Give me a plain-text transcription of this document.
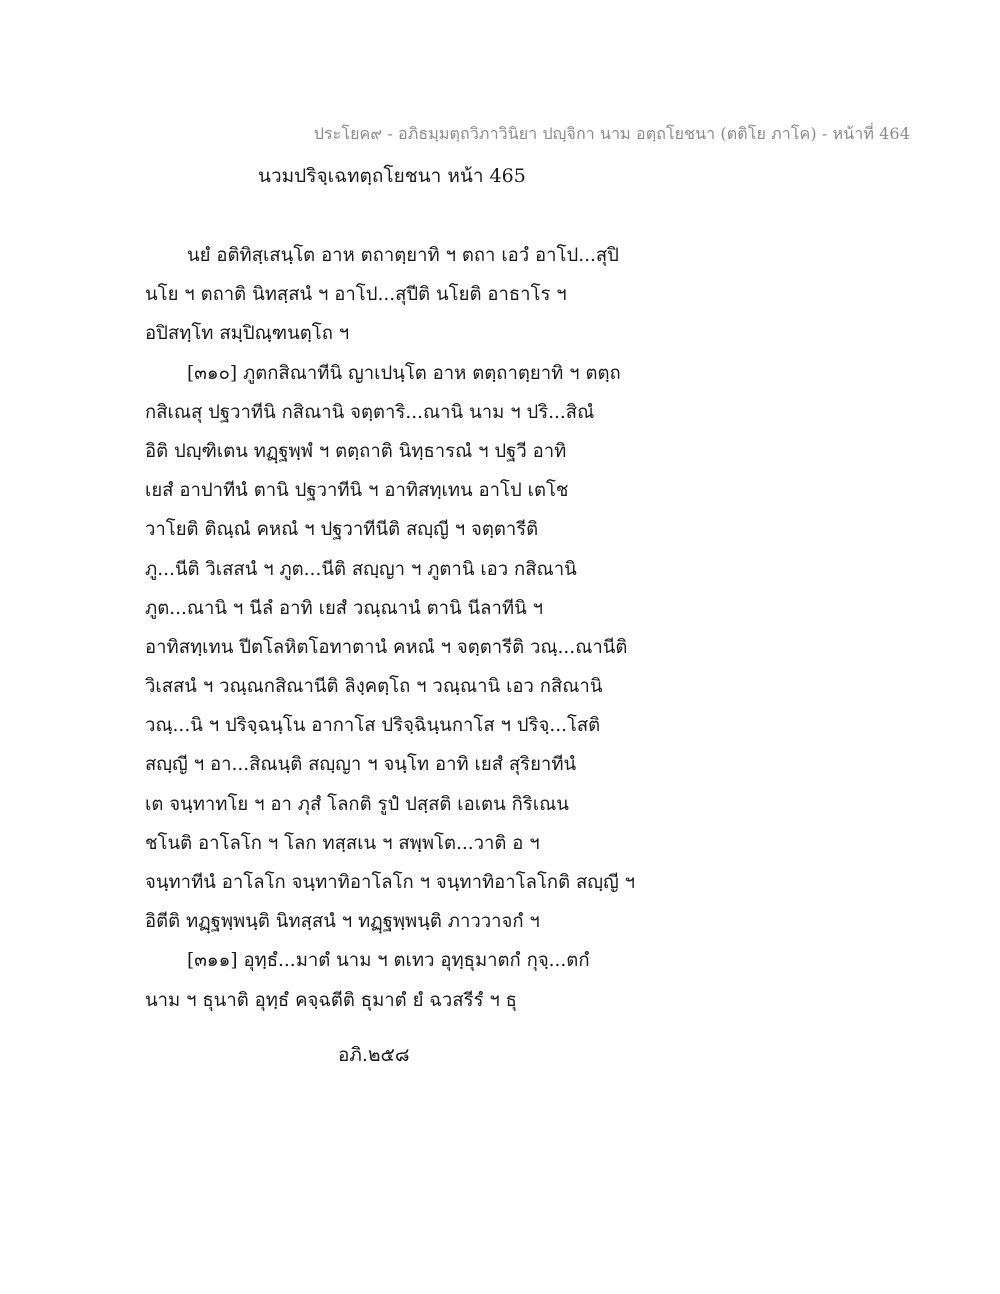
ประโยค๙ - อภิธมฺมตฺถวิภาวินิยา ปญฺจิกา นาม อตฺถโยชนา (ตติโย ภาโค) - หน้าที่ 464
นวมปริจฺเฉทตฺถโยชนา หน้า 465
นยํ อติทิสฺเสนฺโต อาห ตถาตฺยาทิ ฯ ตถา เอวํ อาโป...สุปิ
นโย ฯ ตถาติ นิทสฺสนํ ฯ อาโป...สุปีติ นโยติ อาธาโร ฯ
อปิสทฺโท สมฺปิณฺฑนตฺโถ ฯ
[๓๑๐] ภูตกสิณาทีนิ ญาเปนฺโต อาห ตตฺถาตฺยาทิ ฯ ตตฺถ
กสิเณสุ ปฐวาทีนิ กสิณานิ จตฺตาริ...ณานิ นาม ฯ ปริ...สิณํ
อิติ ปญฺฑิเตน ทฏฺฐพฺพํ ฯ ตตฺถาติ นิทฺธารณํ ฯ ปฐวี อาทิ
เยสํ อาปาทีนํ ตานิ ปฐวาทีนิ ฯ อาทิสทฺเทน อาโป เตโช
วาโยติ ติณฺณํ คหณํ ฯ ปฐวาทีนีติ สญฺญี ฯ จตฺตารีติ
ภู...นีติ วิเสสนํ ฯ ภูต...นีติ สญฺญา ฯ ภูตานิ เอว กสิณานิ
ภูต...ณานิ ฯ นีลํ อาทิ เยสํ วณฺณานํ ตานิ นีลาทีนิ ฯ
อาทิสทฺเทน ปีตโลหิตโอทาตานํ คหณํ ฯ จตฺตารีติ วณฺ...ณานีติ
วิเสสนํ ฯ วณฺณกสิณานีติ ลิงฺคตฺโถ ฯ วณฺณานิ เอว กสิณานิ
วณฺ...นิ ฯ ปริจฺฉนฺโน อากาโส ปริจฺฉินฺนกาโส ฯ ปริจฺ...โสติ
สญฺญี ฯ อา...สิณนฺติ สญฺญา ฯ จนฺโท อาทิ เยสํ สุริยาทีนํ
เต จนฺทาทโย ฯ อา ภุสํ โลกติ รูปํ ปสฺสติ เอเตน กิริเณน
ชโนติ อาโลโก ฯ โลก ทสฺสเน ฯ สพฺพโต...วาติ อ ฯ
จนฺทาทีนํ อาโลโก จนฺทาทิอาโลโก ฯ จนฺทาทิอาโลโกติ สญฺญี ฯ
อิตีติ ทฏฺฐพฺพนฺติ นิทสฺสนํ ฯ ทฏฺฐพฺพนฺติ ภาววาจกํ ฯ
[๓๑๑] อุทฺธํ...มาตํ นาม ฯ ตเทว อุทฺธุมาตกํ กุจฺ...ตกํ
นาม ฯ ธุนาติ อุทฺธํ คจฺฉตีติ ธุมาตํ ยํ ฉวสรีรํ ฯ ธุ
อภิ.๒๕๘
